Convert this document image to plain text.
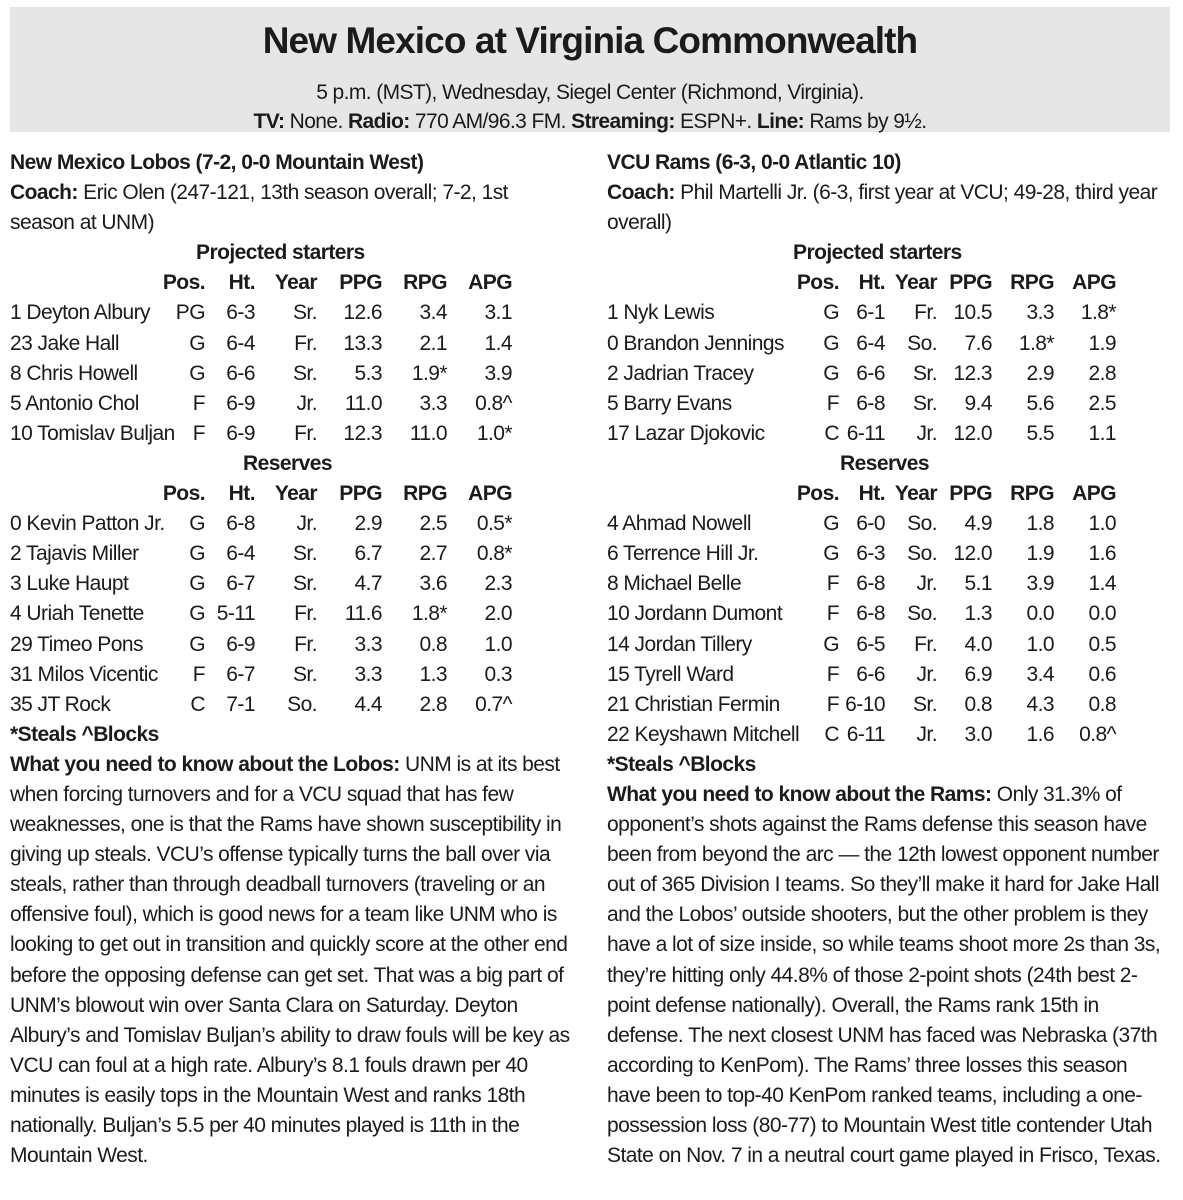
New Mexico at Virginia Commonwealth
5 p.m. (MST), Wednesday, Siegel Center (Richmond, Virginia).
TV: None. Radio: 770 AM/96.3 FM. Streaming: ESPN+. Line: Rams by 9½.
New Mexico Lobos (7-2, 0-0 Mountain West)
Coach: Eric Olen (247-121, 13th season overall; 7-2, 1st season at UNM)
Projected starters						
Pos.	Ht.	Year	PPG	RPG	APG	

1 Deyton Albury PG	6-3	Sr.	12.6	3.4	3.1	

23 Jake Hall G	6-4	Fr.	13.3	2.1	1.4	

8 Chris Howell G	6-6	Sr.	5.3	1.9*	3.9	

5 Antonio Chol F	6-9	Jr.	11.0	3.3	0.8^	

10 Tomislav Buljan F	6-9	Fr.	12.3	11.0	1.0*	
Reserves						
Pos.	Ht.	Year	PPG	RPG	APG	

0 Kevin Patton Jr. G	6-8	Jr.	2.9	2.5	0.5*	

2 Tajavis Miller G	6-4	Sr.	6.7	2.7	0.8*	

3 Luke Haupt G	6-7	Sr.	4.7	3.6	2.3	

4 Uriah Tenette G	5-11	Fr.	11.6	1.8*	2.0	

29 Timeo Pons G	6-9	Fr.	3.3	0.8	1.0	

31 Milos Vicentic F	6-7	Sr.	3.3	1.3	0.3	

35 JT Rock C	7-1	So.	4.4	2.8	0.7^	
*Steals ^Blocks
What you need to know about the Lobos: UNM is at its best when forcing turnovers and for a VCU squad that has few weaknesses, one is that the Rams have shown susceptibility in giving up steals. VCU’s offense typically turns the ball over via steals, rather than through deadball turnovers (traveling or an offensive foul), which is good news for a team like UNM who is looking to get out in transition and quickly score at the other end before the opposing defense can get set. That was a big part of UNM’s blowout win over Santa Clara on Saturday. Deyton Albury’s and Tomislav Buljan’s ability to draw fouls will be key as VCU can foul at a high rate. Albury’s 8.1 fouls drawn per 40 minutes is easily tops in the Mountain West and ranks 18th nationally. Buljan’s 5.5 per 40 minutes played is 11th in the Mountain West.
VCU Rams (6-3, 0-0 Atlantic 10)
Coach: Phil Martelli Jr. (6-3, first year at VCU; 49-28, third year overall)
Projected starters						
Pos.	Ht.	Year	PPG	RPG	APG	

1 Nyk Lewis G	6-1	Fr.	10.5	3.3	1.8*	

0 Brandon Jennings G	6-4	So.	7.6	1.8*	1.9	

2 Jadrian Tracey G	6-6	Sr.	12.3	2.9	2.8	

5 Barry Evans F	6-8	Sr.	9.4	5.6	2.5	

17 Lazar Djokovic C	6-11	Jr.	12.0	5.5	1.1	
Reserves						
Pos.	Ht.	Year	PPG	RPG	APG	

4 Ahmad Nowell G	6-0	So.	4.9	1.8	1.0	

6 Terrence Hill Jr. G	6-3	So.	12.0	1.9	1.6	

8 Michael Belle F	6-8	Jr.	5.1	3.9	1.4	

10 Jordann Dumont F	6-8	So.	1.3	0.0	0.0	

14 Jordan Tillery G	6-5	Fr.	4.0	1.0	0.5	

15 Tyrell Ward F	6-6	Jr.	6.9	3.4	0.6	

21 Christian Fermin F	6-10	Sr.	0.8	4.3	0.8	

22 Keyshawn Mitchell C	6-11	Jr.	3.0	1.6	0.8^	
*Steals ^Blocks
What you need to know about the Rams: Only 31.3% of opponent’s shots against the Rams defense this season have been from beyond the arc — the 12th lowest opponent number out of 365 Division I teams. So they’ll make it hard for Jake Hall and the Lobos’ outside shooters, but the other problem is they have a lot of size inside, so while teams shoot more 2s than 3s, they’re hitting only 44.8% of those 2-point shots (24th best 2-point defense nationally). Overall, the Rams rank 15th in defense. The next closest UNM has faced was Nebraska (37th according to KenPom). The Rams’ three losses this season have been to top-40 KenPom ranked teams, including a one-possession loss (80-77) to Mountain West title contender Utah State on Nov. 7 in a neutral court game played in Frisco, Texas.
